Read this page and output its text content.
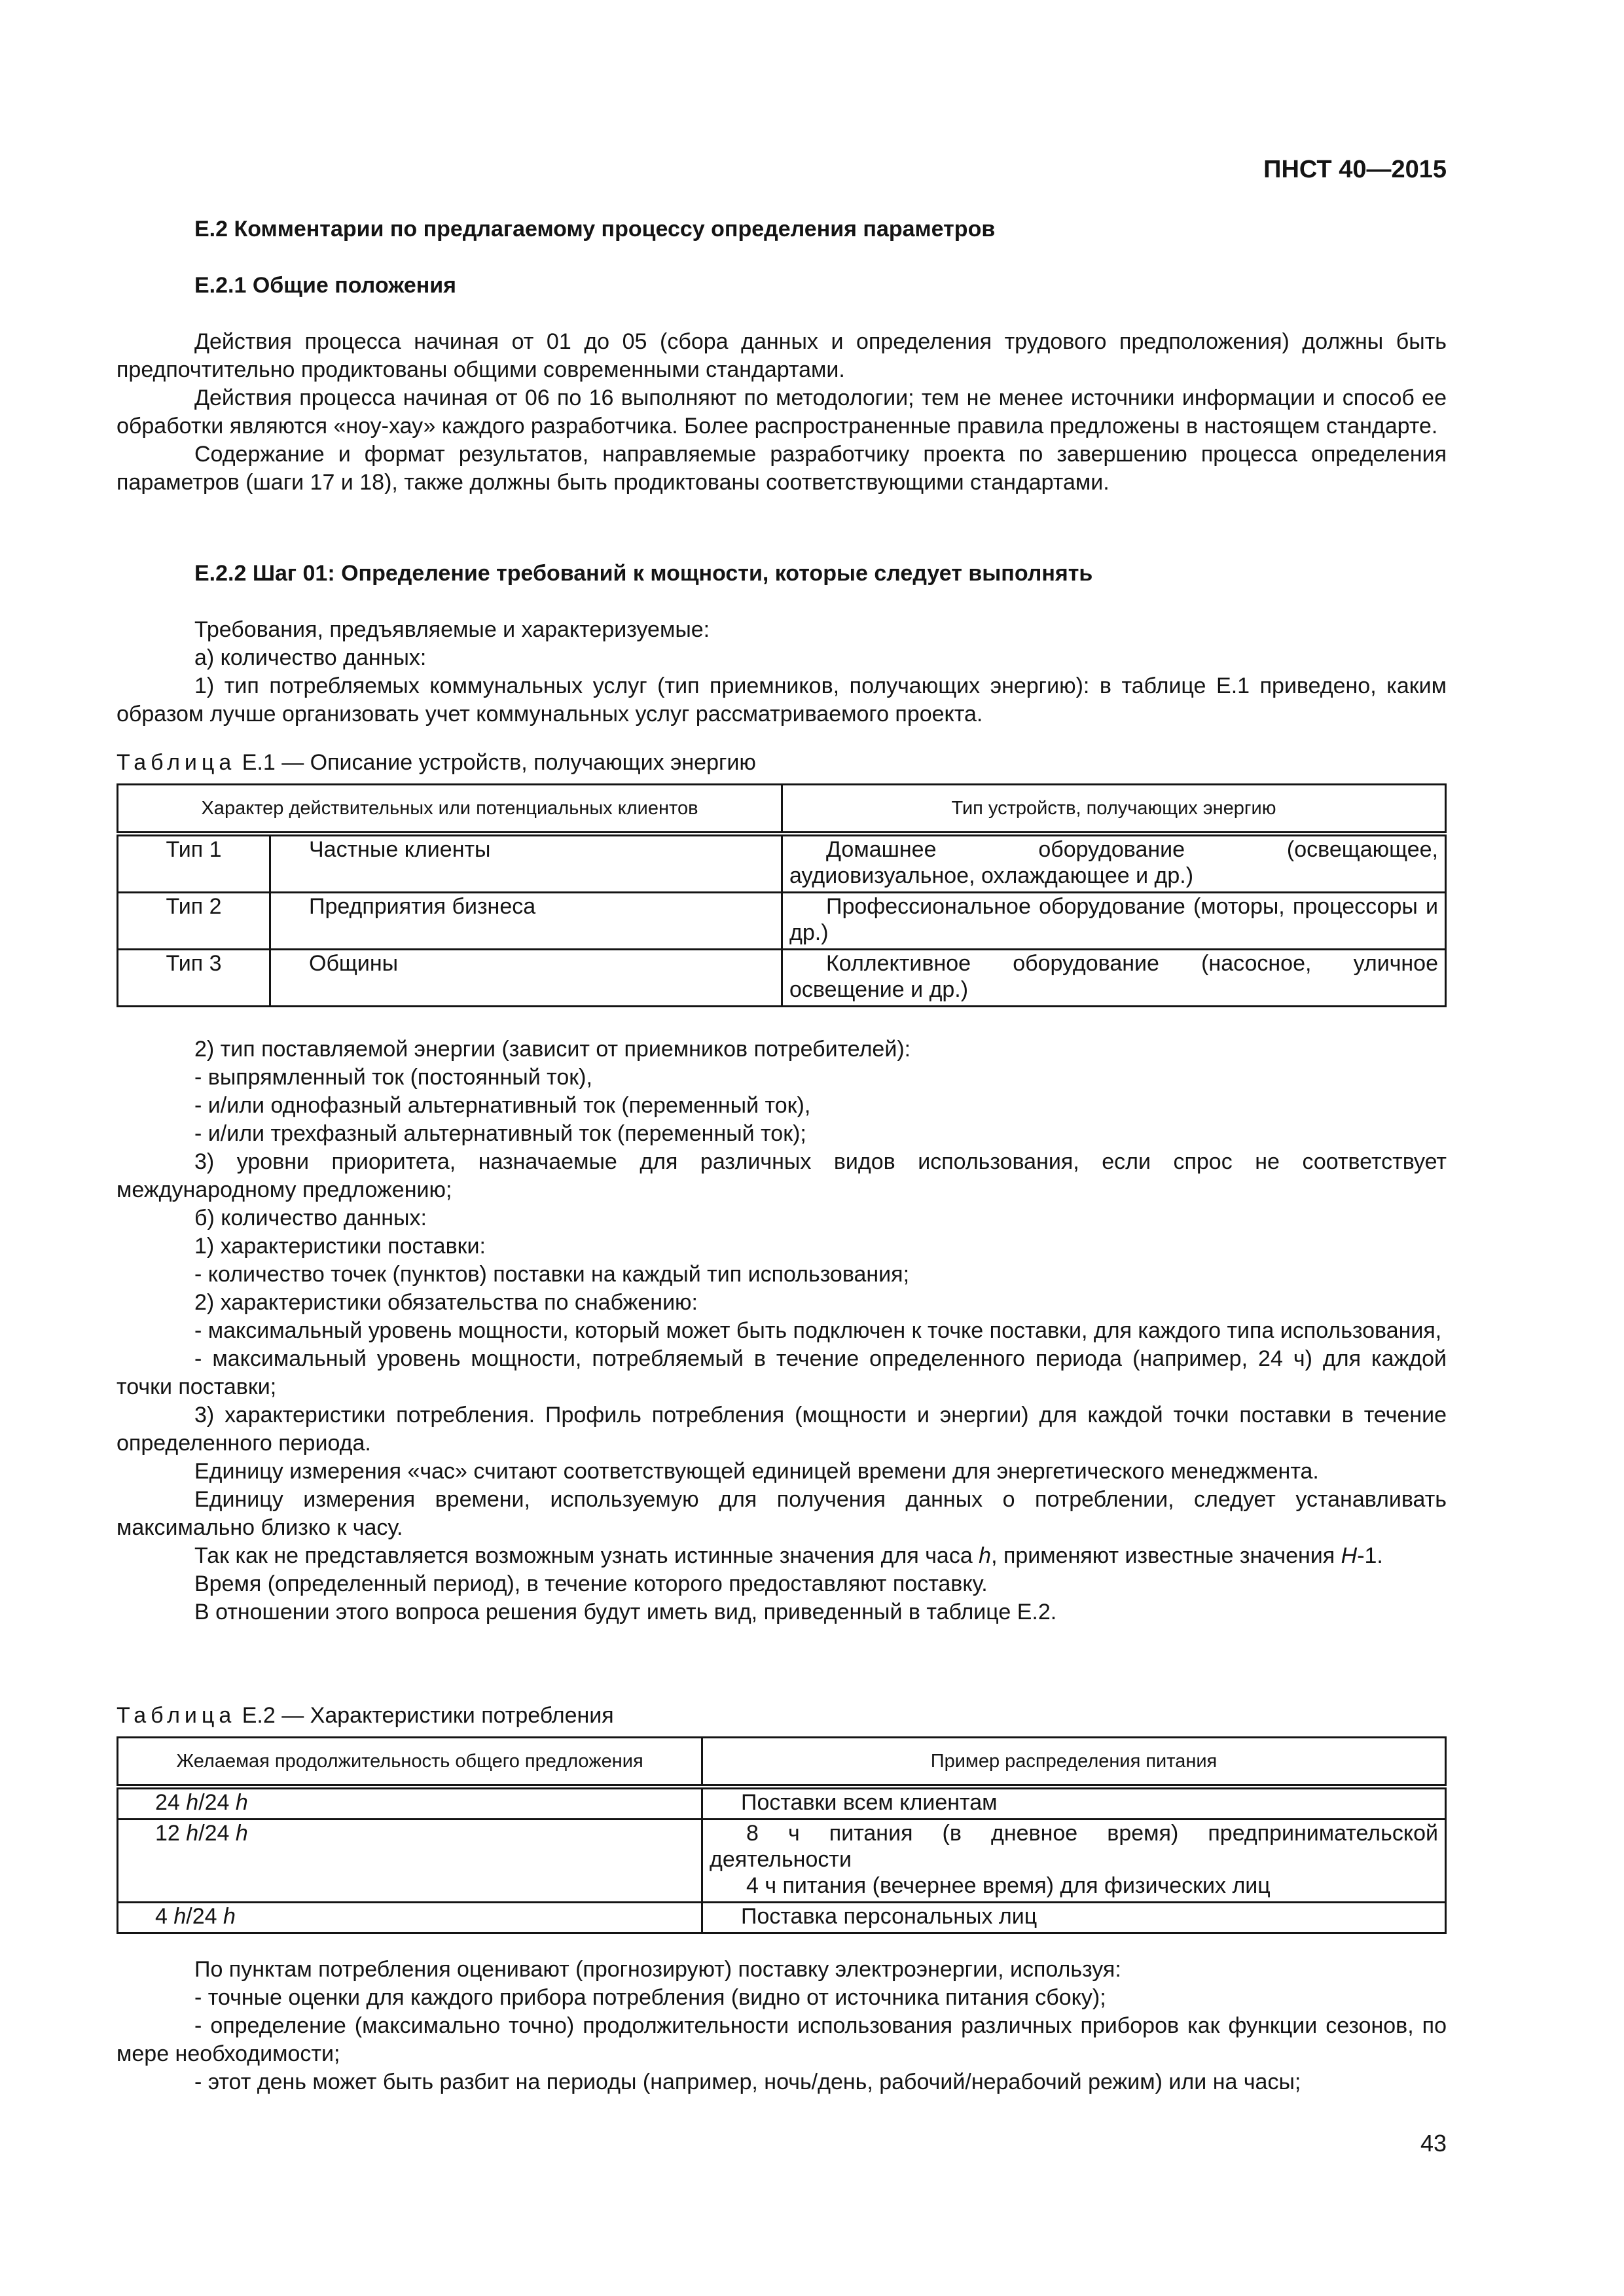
ПНСТ 40—2015

Е.2 Комментарии по предлагаемому процессу определения параметров

Е.2.1 Общие положения

Действия процесса начиная от 01 до 05 (сбора данных и определения трудового предположения) должны быть предпочтительно продиктованы общими современными стандартами.

Действия процесса начиная от 06 по 16 выполняют по методологии; тем не менее источники информации и способ ее обработки являются «ноу-хау» каждого разработчика. Более распространенные правила предложены в настоящем стандарте.

Содержание и формат результатов, направляемые разработчику проекта по завершению процесса определения параметров (шаги 17 и 18), также должны быть продиктованы соответствующими стандартами.

Е.2.2 Шаг 01: Определение требований к мощности, которые следует выполнять

Требования, предъявляемые и характеризуемые:

а) количество данных:

1) тип потребляемых коммунальных услуг (тип приемников, получающих энергию): в таблице Е.1 приведено, каким образом лучше организовать учет коммунальных услуг рассматриваемого проекта.

Таблица Е.1 — Описание устройств, получающих энергию
Характер действительных или потенциальных клиентов		Тип устройств, получающих энергию
Тип 1	Частные клиенты	Домашнее оборудование (освещающее, аудиовизуальное, охлаждающее и др.)
Тип 2	Предприятия бизнеса	Профессиональное оборудование (моторы, процессоры и др.)
Тип 3	Общины	Коллективное оборудование (насосное, уличное освещение и др.)

2) тип поставляемой энергии (зависит от приемников потребителей):

- выпрямленный ток (постоянный ток),

- и/или однофазный альтернативный ток (переменный ток),

- и/или трехфазный альтернативный ток (переменный ток);

3) уровни приоритета, назначаемые для различных видов использования, если спрос не соответствует международному предложению;

б) количество данных:

1) характеристики поставки:

- количество точек (пунктов) поставки на каждый тип использования;

2) характеристики обязательства по снабжению:

- максимальный уровень мощности, который может быть подключен к точке поставки, для каждого типа использования,

- максимальный уровень мощности, потребляемый в течение определенного периода (например, 24 ч) для каждой точки поставки;

3) характеристики потребления. Профиль потребления (мощности и энергии) для каждой точки поставки в течение определенного периода.

Единицу измерения «час» считают соответствующей единицей времени для энергетического менеджмента.

Единицу измерения времени, используемую для получения данных о потреблении, следует устанавливать максимально близко к часу.

Так как не представляется возможным узнать истинные значения для часа h, применяют известные значения H-1.

Время (определенный период), в течение которого предоставляют поставку.

В отношении этого вопроса решения будут иметь вид, приведенный в таблице Е.2.

Таблица Е.2 — Характеристики потребления
Желаемая продолжительность общего предложения	Пример распределения питания
24 h/24 h	Поставки всем клиентам

12 h/24 h	8 ч питания (в дневное время) предпринимательской деятельности
4 ч питания (вечернее время) для физических лиц

4 h/24 h	Поставка персональных лиц

По пунктам потребления оценивают (прогнозируют) поставку электроэнергии, используя:

- точные оценки для каждого прибора потребления (видно от источника питания сбоку);

- определение (максимально точно) продолжительности использования различных приборов как функции сезонов, по мере необходимости;

- этот день может быть разбит на периоды (например, ночь/день, рабочий/нерабочий режим) или на часы;

43
